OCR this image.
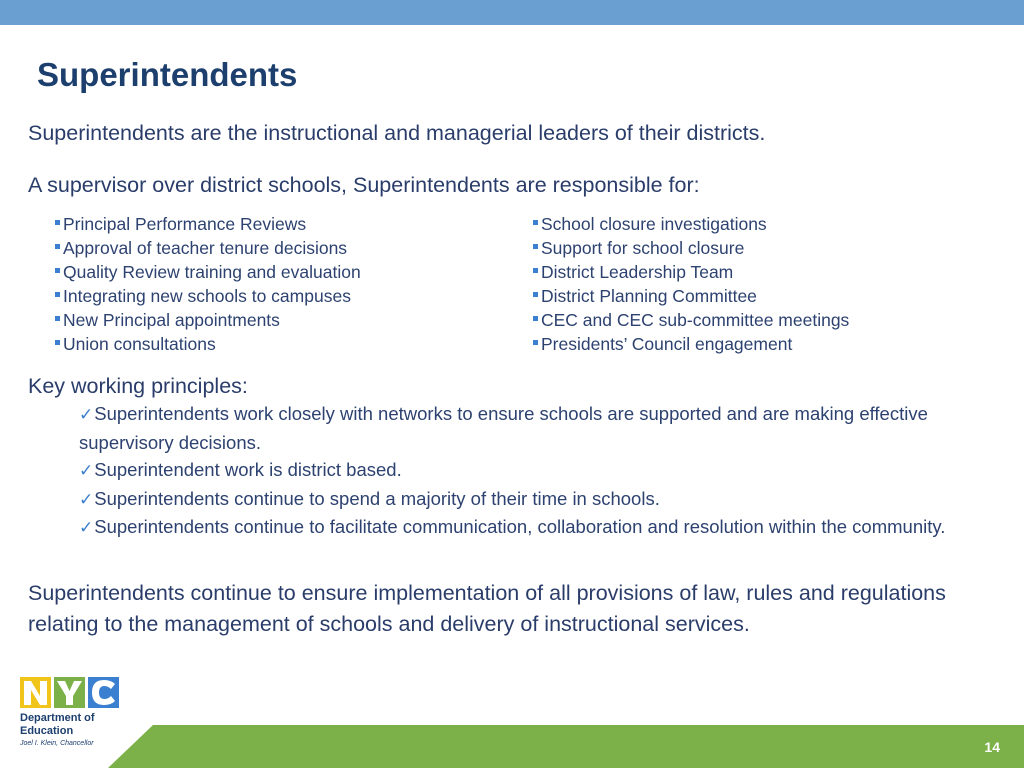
Superintendents

Superintendents are the instructional and managerial leaders of their districts.

A supervisor over district schools, Superintendents are responsible for:

Principal Performance Reviews
Approval of teacher tenure decisions
Quality Review training and evaluation
Integrating new schools to campuses
New Principal appointments
Union consultations
School closure investigations
Support for school closure
District Leadership Team
District Planning Committee
CEC and CEC sub-committee meetings
Presidents’ Council engagement

Key working principles:

✓Superintendents work closely with networks to ensure schools are supported and are making effective supervisory decisions.
✓Superintendent work is district based.
✓Superintendents continue to spend a majority of their time in schools.
✓Superintendents continue to facilitate communication, collaboration and resolution within the community.

Superintendents continue to ensure implementation of all provisions of law, rules and regulations relating to the management of schools and delivery of instructional services.

14
Department of
Education
Joel I. Klein, Chancellor
